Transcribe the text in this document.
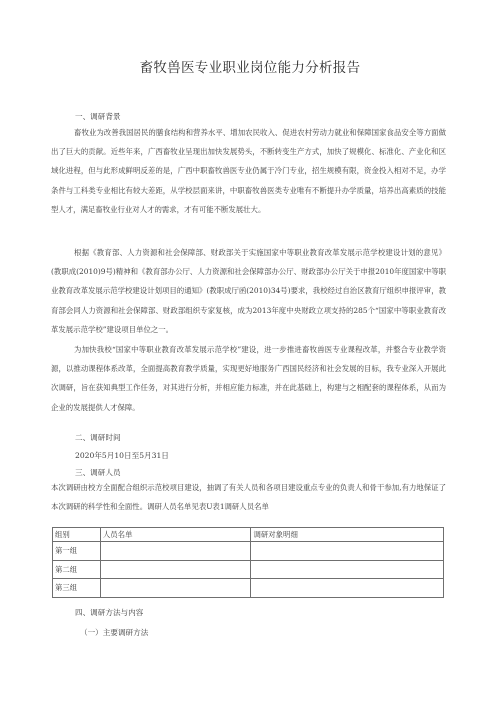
畜牧兽医专业职业岗位能力分析报告
一、调研背景
畜牧业为改善我国居民的膳食结构和营养水平、增加农民收入、促进农村劳动力就业和保障国家食品安全等方面做出了巨大的贡献。近些年来，广西畜牧业呈现出加快发展势头，不断转变生产方式，加快了规模化、标准化、产业化和区域化进程，但与此形成鲜明反差的是，广西中职畜牧兽医专业仍属于冷门专业，招生规模有限，资金投入相对不足，办学条件与工科类专业相比有较大差距，从学校层面来讲，中职畜牧兽医类专业唯有不断提升办学质量，培养出高素质的技能型人才，满足畜牧业行业对人才的需求，才有可能不断发展壮大。
根据《教育部、人力资源和社会保障部、财政部关于实施国家中等职业教育改革发展示范学校建设计划的意见》(教职成(2010)9号)精神和《教育部办公厅、人力资源和社会保障部办公厅、财政部办公厅关于申报2010年度国家中等职业教育改革发展示范学校建设计划项目的通知》(教职成厅函(2010)34号)要求，我校经过自治区教育厅组织申报评审，教育部会同人力资源和社会保障部、财政部组织专家复核，成为2013年度中央财政立项支持的285个“国家中等职业教育改革发展示范学校”建设项目单位之一。
为加快我校“国家中等职业教育改革发展示范学校”建设，进一步推进畜牧兽医专业课程改革，并整合专业教学资源，以推动课程体系改革，全面提高教育教学质量，实现更好地服务广西国民经济和社会发展的目标，我专业深入开展此次调研，旨在获知典型工作任务，对其进行分析，并相应能力标准，并在此基础上，构建与之相配套的课程体系，从而为企业的发展提供人才保障。
二、调研时间
2020年5月10日至5月31日
三、调研人员
本次调研由校方全面配合组织示范校项目建设，抽调了有关人员和各项目建设重点专业的负责人和骨干参加,有力地保证了本次调研的科学性和全面性。调研人员名单见表U表1调研人员名单
组别	人员名单	调研对象明细
第一组		
第二组		
第三组		
四、调研方法与内容
（一）主要调研方法
